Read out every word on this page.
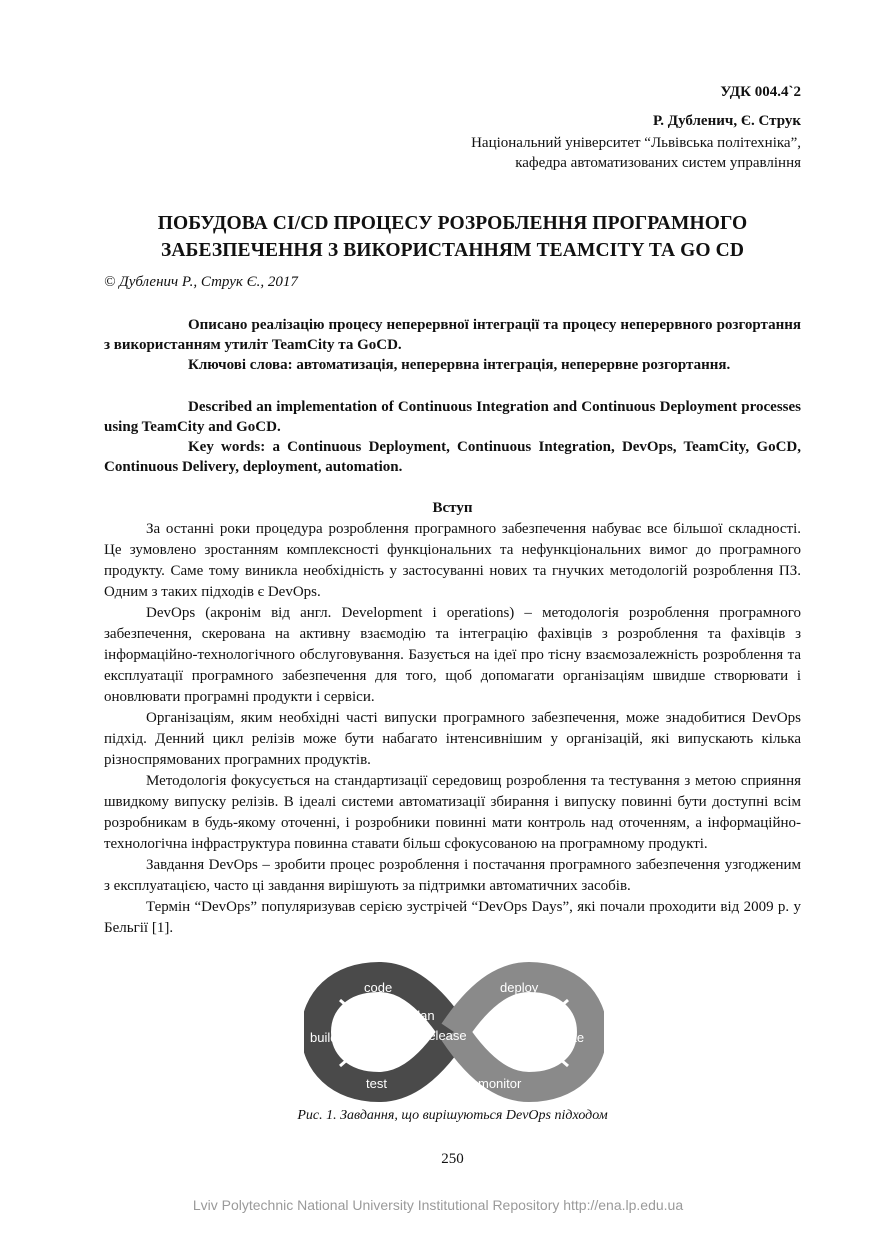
УДК 004.4`2
Р. Дубленич, Є. Струк
Національний університет “Львівська політехніка”,
кафедра автоматизованих систем управління
ПОБУДОВА CI/CD ПРОЦЕСУ РОЗРОБЛЕННЯ ПРОГРАМНОГО
ЗАБЕЗПЕЧЕННЯ З ВИКОРИСТАННЯМ TEAMCITY ТА GO CD
© Дубленич Р., Струк Є., 2017

Описано реалізацію процесу неперервної інтеграції та процесу неперервного розгортання з використанням утиліт TeamCity та GoCD.

Ключові слова: автоматизація, неперервна інтеграція, неперервне розгортання.

Described an implementation of Continuous Integration and Continuous Deployment processes using TeamCity and GoCD.

Key words: a Continuous Deployment, Continuous Integration, DevOps, TeamCity, GoCD, Continuous Delivery, deployment, automation.

Вступ

За останні роки процедура розроблення програмного забезпечення набуває все більшої складності. Це зумовлено зростанням комплексності функціональних та нефункціональних вимог до програмного продукту. Саме тому виникла необхідність у застосуванні нових та гнучких методологій розроблення ПЗ. Одним з таких підходів є DevOps.

DevOps (акронім від англ. Development і operations) – методологія розроблення програмного забезпечення, скерована на активну взаємодію та інтеграцію фахівців з розроблення та фахівців з інформаційно-технологічного обслуговування. Базується на ідеї про тісну взаємозалежність розроблення та експлуатації програмного забезпечення для того, щоб допомагати організаціям швидше створювати і оновлювати програмні продукти і сервіси.

Організаціям, яким необхідні часті випуски програмного забезпечення, може знадобитися DevOps підхід. Денний цикл релізів може бути набагато інтенсивнішим у організацій, які випускають кілька різноспрямованих програмних продуктів.

Методологія фокусується на стандартизації середовищ розроблення та тестування з метою сприяння швидкому випуску релізів. В ідеалі системи автоматизації збирання і випуску повинні бути доступні всім розробникам в будь-якому оточенні, і розробники повинні мати контроль над оточенням, а інформаційно-технологічна інфраструктура повинна ставати більш сфокусованою на програмному продукті.

Завдання DevOps – зробити процес розроблення і постачання програмного забезпечення узгодженим з експлуатацією, часто ці завдання вирішують за підтримки автоматичних засобів.

Термін “DevOps” популяризував серією зустрічей “DevOps Days”, які почали проходити від 2009 р. у Бельгії [1].

code
build
test
plan
release
deploy
operate
monitor
Рис. 1. Завдання, що вирішуються DevOps підходом
250
Lviv Polytechnic National University Institutional Repository http://ena.lp.edu.ua
